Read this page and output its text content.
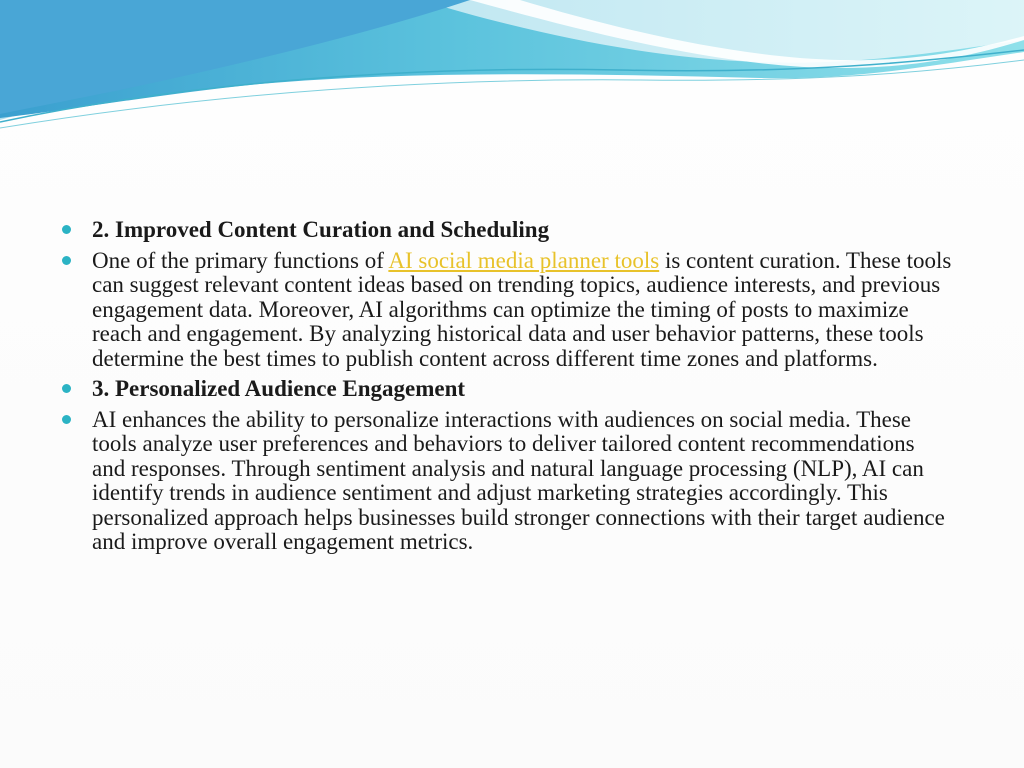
2. Improved Content Curation and Scheduling
One of the primary functions of AI social media planner tools is content curation. These tools can suggest relevant content ideas based on trending topics, audience interests, and previous engagement data. Moreover, AI algorithms can optimize the timing of posts to maximize reach and engagement. By analyzing historical data and user behavior patterns, these tools determine the best times to publish content across different time zones and platforms.
3. Personalized Audience Engagement
AI enhances the ability to personalize interactions with audiences on social media. These tools analyze user preferences and behaviors to deliver tailored content recommendations and responses. Through sentiment analysis and natural language processing (NLP), AI can identify trends in audience sentiment and adjust marketing strategies accordingly. This personalized approach helps businesses build stronger connections with their target audience and improve overall engagement metrics.
